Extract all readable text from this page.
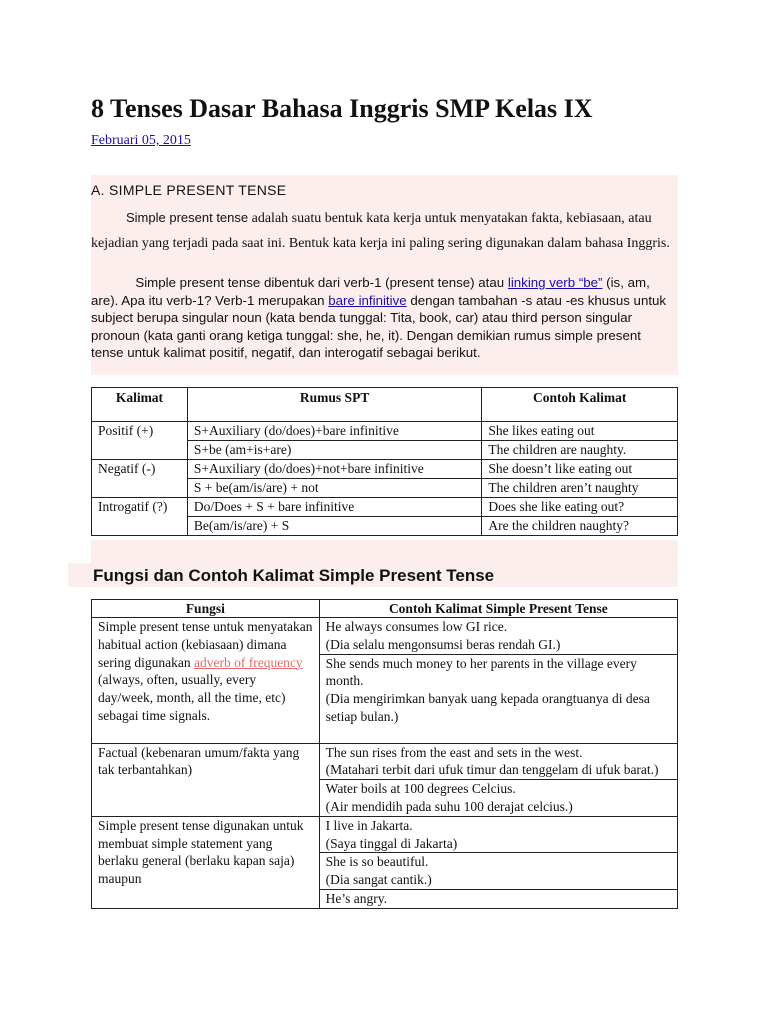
8 Tenses Dasar Bahasa Inggris SMP Kelas IX
Februari 05, 2015
A. SIMPLE PRESENT TENSE
Simple present tense adalah suatu bentuk kata kerja untuk menyatakan fakta, kebiasaan, atau kejadian yang terjadi pada saat ini. Bentuk kata kerja ini paling sering digunakan dalam bahasa Inggris.
Simple present tense dibentuk dari verb-1 (present tense) atau linking verb “be” (is, am, are). Apa itu verb-1? Verb-1 merupakan bare infinitive dengan tambahan -s atau -es khusus untuk subject berupa singular noun (kata benda tunggal: Tita, book, car) atau third person singular pronoun (kata ganti orang ketiga tunggal: she, he, it). Dengan demikian rumus simple present tense untuk kalimat positif, negatif, dan interogatif sebagai berikut.
Kalimat	Rumus SPT	Contoh Kalimat
Positif (+)	S+Auxiliary (do/does)+bare infinitive	She likes eating out
	S+be (am+is+are)	The children are naughty.
Negatif (-)	S+Auxiliary (do/does)+not+bare infinitive	She doesn’t like eating out
	S + be(am/is/are) + not	The children aren’t naughty
Introgatif (?)	Do/Does + S + bare infinitive	Does she like eating out?
	Be(am/is/are) + S	Are the children naughty?
Fungsi dan Contoh Kalimat Simple Present Tense
Fungsi	Contoh Kalimat Simple Present Tense
Simple present tense untuk menyatakan habitual action (kebiasaan) dimana sering digunakan adverb of frequency (always, often, usually, every day/week, month, all the time, etc) sebagai time signals.	He always consumes low GI rice.
(Dia selalu mengonsumsi beras rendah GI.)

	She sends much money to her parents in the village every month.
(Dia mengirimkan banyak uang kepada orangtuanya di desa setiap bulan.)

Factual (kebenaran umum/fakta yang tak terbantahkan)	The sun rises from the east and sets in the west.
(Matahari terbit dari ufuk timur dan tenggelam di ufuk barat.)

	Water boils at 100 degrees Celcius.
(Air mendidih pada suhu 100 derajat celcius.)

Simple present tense digunakan untuk membuat simple statement yang berlaku general (berlaku kapan saja) maupun	I live in Jakarta.
(Saya tinggal di Jakarta)

	She is so beautiful.
(Dia sangat cantik.)

	He’s angry.
